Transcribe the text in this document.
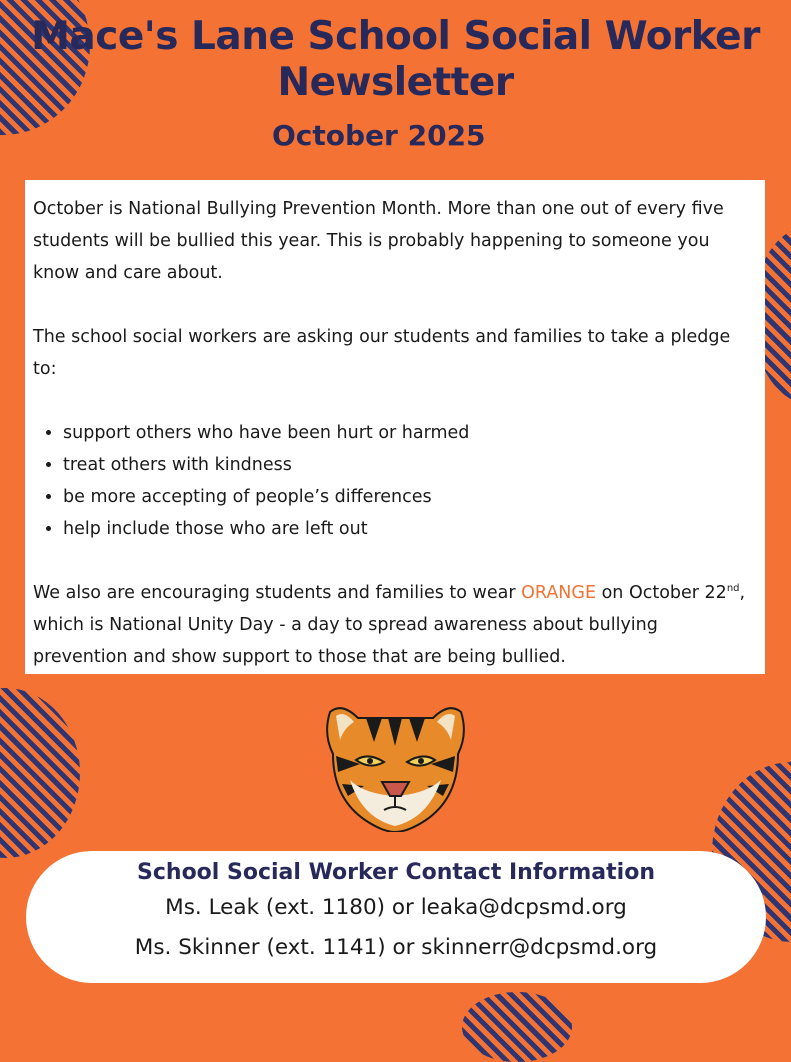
Mace's Lane School Social Worker Newsletter
October 2025

October is National Bullying Prevention Month. More than one out of every five students will be bullied this year. This is probably happening to someone you know and care about.

The school social workers are asking our students and families to take a pledge to:

• support others who have been hurt or harmed
• treat others with kindness
• be more accepting of people’s differences
• help include those who are left out

We also are encouraging students and families to wear ORANGE on October 22nd, which is National Unity Day - a day to spread awareness about bullying prevention and show support to those that are being bullied.

School Social Worker Contact Information

Ms. Leak (ext. 1180) or leaka@dcpsmd.org

Ms. Skinner (ext. 1141) or skinnerr@dcpsmd.org
